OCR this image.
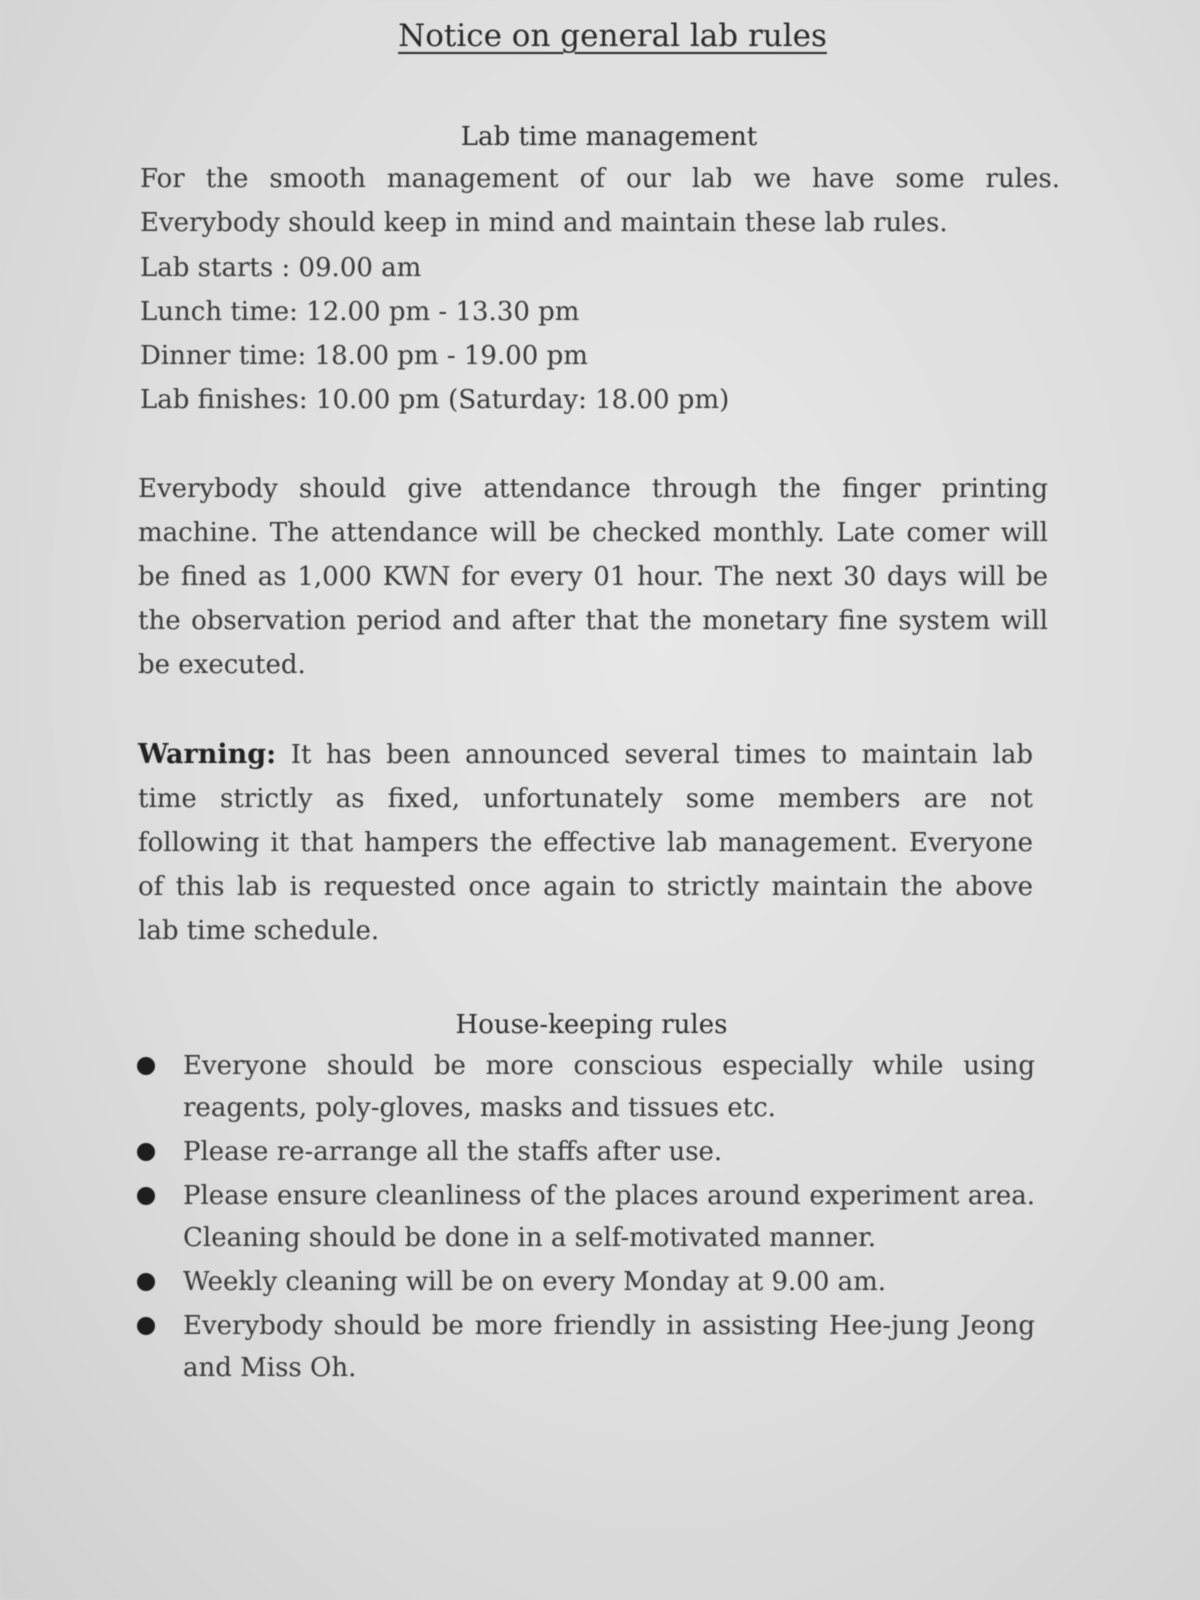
Notice on general lab rules
Lab time management

For the smooth management of our lab we have some rules. Everybody should keep in mind and maintain these lab rules.

Lab starts : 09.00 am
Lunch time: 12.00 pm - 13.30 pm
Dinner time: 18.00 pm - 19.00 pm
Lab finishes: 10.00 pm (Saturday: 18.00 pm)

Everybody should give attendance through the finger printing machine. The attendance will be checked monthly. Late comer will be fined as 1,000 KWN for every 01 hour. The next 30 days will be the observation period and after that the monetary fine system will be executed.

Warning: It has been announced several times to maintain lab time strictly as fixed, unfortunately some members are not following it that hampers the effective lab management. Everyone of this lab is requested once again to strictly maintain the above lab time schedule.

House-keeping rules
Everyone should be more conscious especially while using reagents, poly-gloves, masks and tissues etc.
Please re-arrange all the staffs after use.
Please ensure cleanliness of the places around experiment area. Cleaning should be done in a self-motivated manner.
Weekly cleaning will be on every Monday at 9.00 am.
Everybody should be more friendly in assisting Hee-jung Jeong and Miss Oh.
